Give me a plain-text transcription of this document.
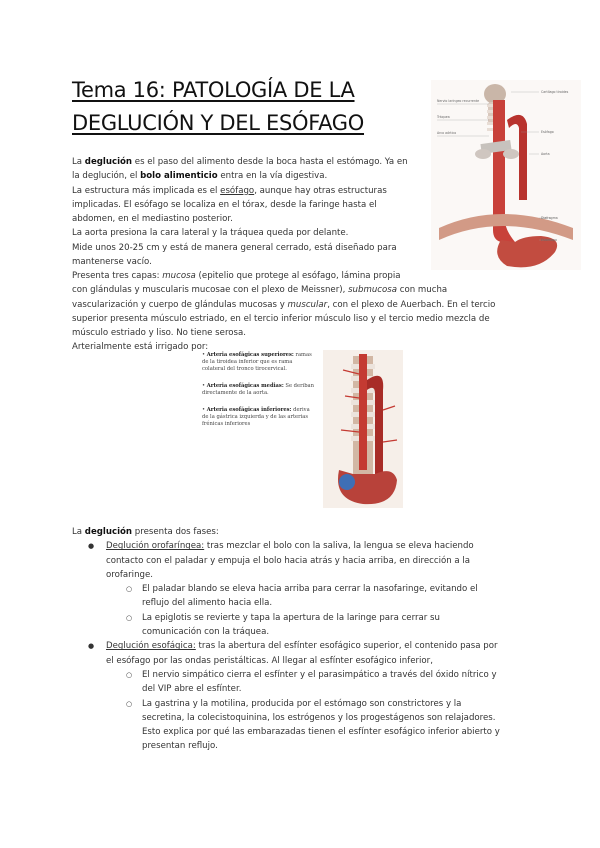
Tema 16: PATOLOGÍA DE LA
DEGLUCIÓN Y DEL ESÓFAGO
Nervio laríngeo recurrente
Tráquea
Arco aórtico
Cartílago tiroides
Esófago
Aorta
Diafragma
Estómago
La deglución es el paso del alimento desde la boca hasta el estómago. Ya en
la deglución, el bolo alimenticio entra en la vía digestiva.
La estructura más implicada es el esófago, aunque hay otras estructuras
implicadas. El esófago se localiza en el tórax, desde la faringe hasta el
abdomen, en el mediastino posterior.
La aorta presiona la cara lateral y la tráquea queda por delante.
Mide unos 20-25 cm y está de manera general cerrado, está diseñado para
mantenerse vacío.
Presenta tres capas: mucosa (epitelio que protege al esófago, lámina propia
con glándulas y muscularis mucosae con el plexo de Meissner), submucosa con mucha
vascularización y cuerpo de glándulas mucosas y muscular, con el plexo de Auerbach. En el tercio
superior presenta músculo estriado, en el tercio inferior músculo liso y el tercio medio mezcla de
músculo estriado y liso. No tiene serosa.
Arterialmente está irrigado por:
• Arteria esofágicas superiores: ramas de la tiroidea inferior que es rama colateral del tronco tirocervical.
• Arteria esofágicas medias: Se deriban directamente de la aorta.
• Arteria esofágicas inferiores: deriva de la gástrica izquierda y de las arterias frénicas inferiores
La deglución presenta dos fases:
● Deglución orofaríngea: tras mezclar el bolo con la saliva, la lengua se eleva haciendo
contacto con el paladar y empuja el bolo hacia atrás y hacia arriba, en dirección a la
orofaringe.
○ El paladar blando se eleva hacia arriba para cerrar la nasofaringe, evitando el
reflujo del alimento hacia ella.
○ La epiglotis se revierte y tapa la apertura de la laringe para cerrar su
comunicación con la tráquea.
● Deglución esofágica: tras la abertura del esfínter esofágico superior, el contenido pasa por
el esófago por las ondas peristálticas. Al llegar al esfínter esofágico inferior,
○ El nervio simpático cierra el esfínter y el parasimpático a través del óxido nítrico y
del VIP abre el esfínter.
○ La gastrina y la motilina, producida por el estómago son constrictores y la
secretina, la colecistoquinina, los estrógenos y los progestágenos son relajadores.
Esto explica por qué las embarazadas tienen el esfínter esofágico inferior abierto y
presentan reflujo.
